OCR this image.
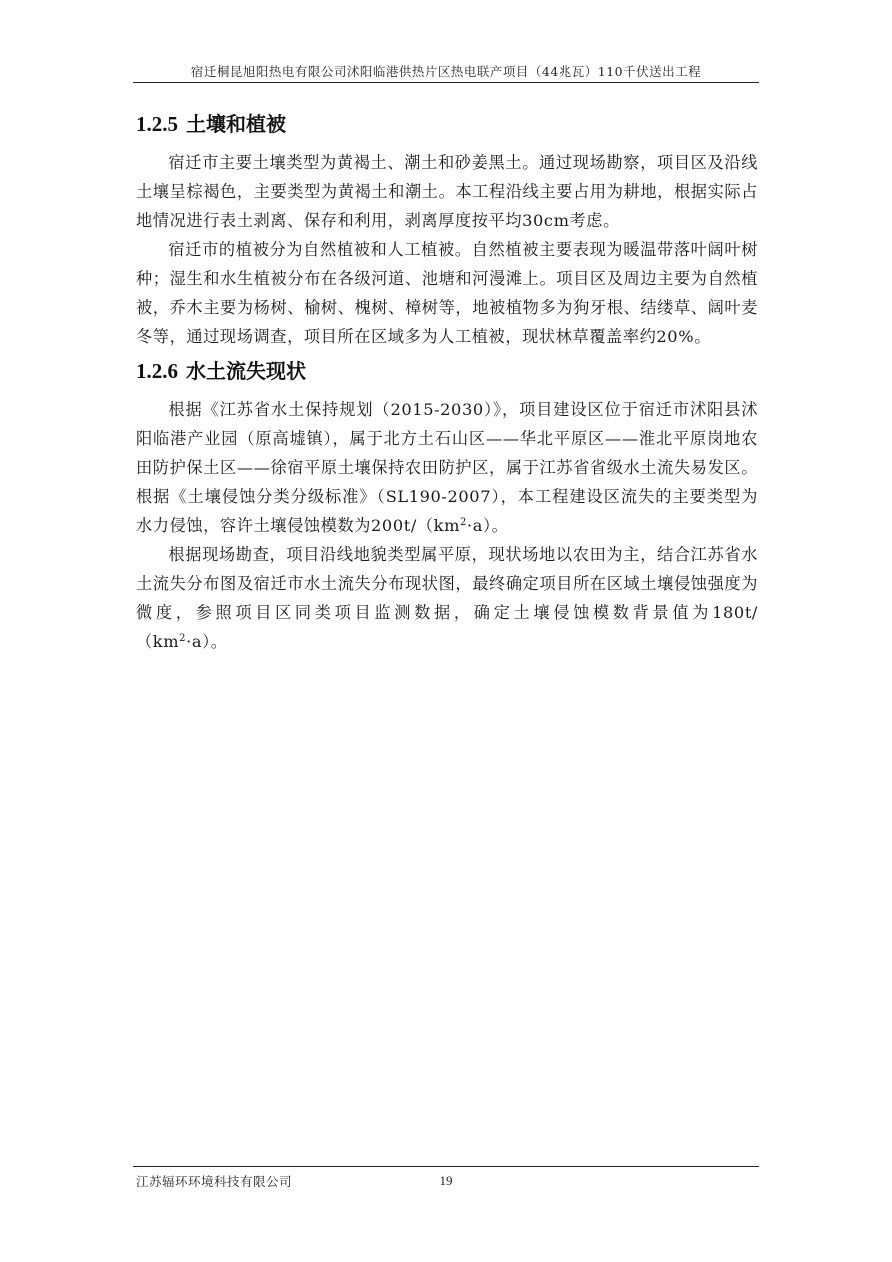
宿迁桐昆旭阳热电有限公司沭阳临港供热片区热电联产项目（44兆瓦）110千伏送出工程
1.2.5 土壤和植被

宿迁市主要土壤类型为黄褐土、潮土和砂姜黑土。通过现场勘察，项目区及沿线土壤呈棕褐色，主要类型为黄褐土和潮土。本工程沿线主要占用为耕地，根据实际占地情况进行表土剥离、保存和利用，剥离厚度按平均30cm考虑。

宿迁市的植被分为自然植被和人工植被。自然植被主要表现为暖温带落叶阔叶树种；湿生和水生植被分布在各级河道、池塘和河漫滩上。项目区及周边主要为自然植被，乔木主要为杨树、榆树、槐树、樟树等，地被植物多为狗牙根、结缕草、阔叶麦冬等，通过现场调查，项目所在区域多为人工植被，现状林草覆盖率约20%。

1.2.6 水土流失现状

根据《江苏省水土保持规划（2015-2030）》，项目建设区位于宿迁市沭阳县沭阳临港产业园（原高墟镇），属于北方土石山区——华北平原区——淮北平原岗地农田防护保土区——徐宿平原土壤保持农田防护区，属于江苏省省级水土流失易发区。根据《土壤侵蚀分类分级标准》（SL190-2007），本工程建设区流失的主要类型为水力侵蚀，容许土壤侵蚀模数为$200t/(km^2\cdot a)$。

根据现场勘查，项目沿线地貌类型属平原，现状场地以农田为主，结合江苏省水土流失分布图及宿迁市水土流失分布现状图，最终确定项目所在区域土壤侵蚀强度为微度，参照项目区同类项目监测数据，确定土壤侵蚀模数背景值为$180t/(km^2\cdot a)$。

江苏辐环环境科技有限公司	19
